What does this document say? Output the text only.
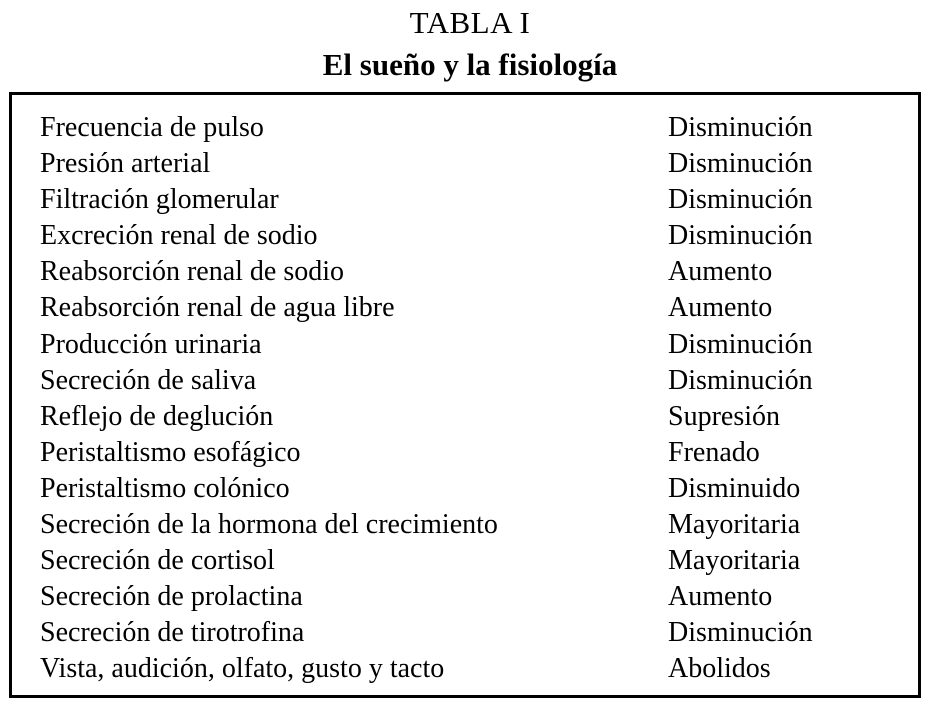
TABLA I
El sueño y la fisiología
Frecuencia de pulso	Disminución
Presión arterial	Disminución
Filtración glomerular	Disminución
Excreción renal de sodio	Disminución
Reabsorción renal de sodio	Aumento
Reabsorción renal de agua libre	Aumento
Producción urinaria	Disminución
Secreción de saliva	Disminución
Reflejo de deglución	Supresión
Peristaltismo esofágico	Frenado
Peristaltismo colónico	Disminuido
Secreción de la hormona del crecimiento	Mayoritaria
Secreción de cortisol	Mayoritaria
Secreción de prolactina	Aumento
Secreción de tirotrofina	Disminución
Vista, audición, olfato, gusto y tacto	Abolidos
